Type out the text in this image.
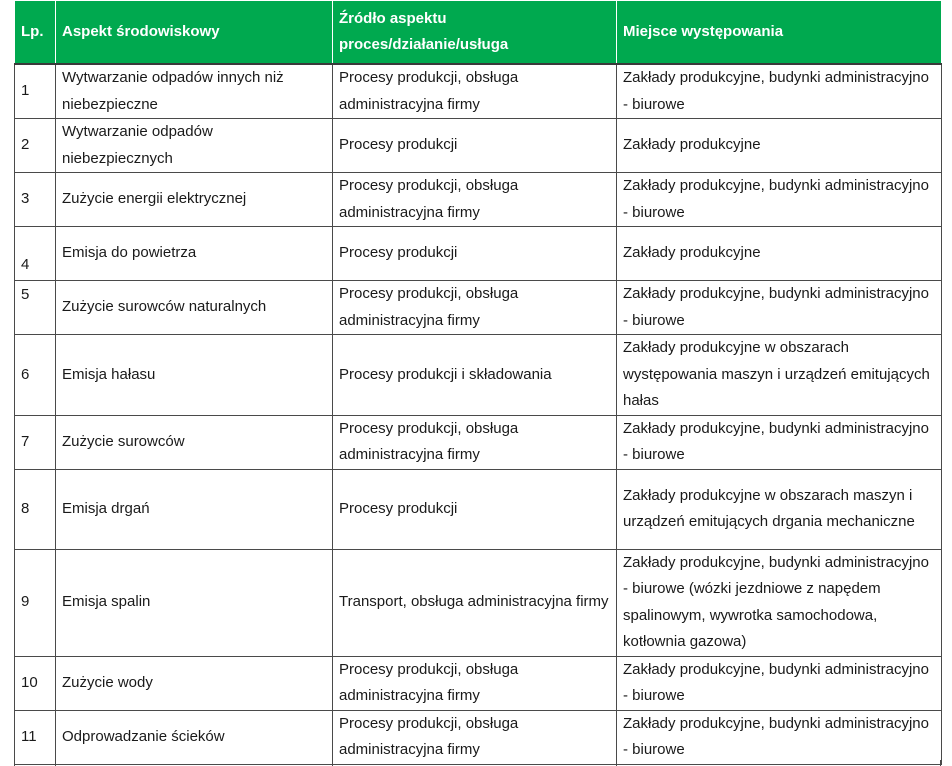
Lp.	Aspekt środowiskowy	Źródło aspektu proces/działanie/usługa	Miejsce występowania
1	Wytwarzanie odpadów innych niż niebezpieczne	Procesy produkcji, obsługa administracyjna firmy	Zakłady produkcyjne, budynki administracyjno - biurowe
2	Wytwarzanie odpadów niebezpiecznych	Procesy produkcji	Zakłady produkcyjne
3	Zużycie energii elektrycznej	Procesy produkcji, obsługa administracyjna firmy	Zakłady produkcyjne, budynki administracyjno - biurowe
4	Emisja do powietrza	Procesy produkcji	Zakłady produkcyjne
5	Zużycie surowców naturalnych	Procesy produkcji, obsługa administracyjna firmy	Zakłady produkcyjne, budynki administracyjno - biurowe
6	Emisja hałasu	Procesy produkcji i składowania	Zakłady produkcyjne w obszarach występowania maszyn i urządzeń emitujących hałas
7	Zużycie surowców	Procesy produkcji, obsługa administracyjna firmy	Zakłady produkcyjne, budynki administracyjno - biurowe
8	Emisja drgań	Procesy produkcji	Zakłady produkcyjne w obszarach maszyn i urządzeń emitujących drgania mechaniczne
9	Emisja spalin	Transport, obsługa administracyjna firmy	Zakłady produkcyjne, budynki administracyjno - biurowe (wózki jezdniowe z napędem spalinowym, wywrotka samochodowa, kotłownia gazowa)
10	Zużycie wody	Procesy produkcji, obsługa administracyjna firmy	Zakłady produkcyjne, budynki administracyjno - biurowe
11	Odprowadzanie ścieków	Procesy produkcji, obsługa administracyjna firmy	Zakłady produkcyjne, budynki administracyjno - biurowe
